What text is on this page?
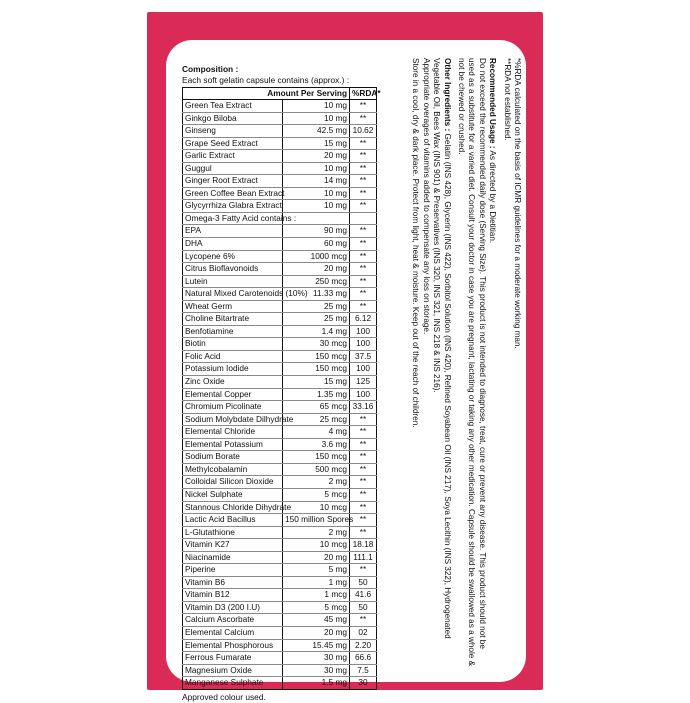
Composition :
Each soft gelatin capsule contains (approx.) :
Amount Per Serving		%RDA*
Green Tea Extract	10 mg	**
Ginkgo Biloba	10 mg	**
Ginseng	42.5 mg	10.62
Grape Seed Extract	15 mg	**
Garlic Extract	20 mg	**
Guggul	10 mg	**
Ginger Root Extract	14 mg	**
Green Coffee Bean Extract	10 mg	**
Glycyrrhiza Glabra Extract	10 mg	**
Omega-3 Fatty Acid contains :		
EPA	90 mg	**
DHA	60 mg	**
Lycopene 6%	1000 mcg	**
Citrus Bioflavonoids	20 mg	**
Lutein	250 mcg	**
Natural Mixed Carotenoids (10%)	11.33 mg	**
Wheat Germ	25 mg	**
Choline Bitartrate	25 mg	6.12
Benfotiamine	1.4 mg	100
Biotin	30 mcg	100
Folic Acid	150 mcg	37.5
Potassium Iodide	150 mcg	100
Zinc Oxide	15 mg	125
Elemental Copper	1.35 mg	100
Chromium Picolinate	65 mcg	33.16
Sodium Molybdate Dilhydrate	25 mcg	**
Elemental Chloride	4 mg	**
Elemental Potassium	3.6 mg	**
Sodium Borate	150 mcg	**
Methylcobalamin	500 mcg	**
Colloidal Silicon Dioxide	2 mg	**
Nickel Sulphate	5 mcg	**
Stannous Chloride Dihydrate	10 mcg	**
Lactic Acid Bacillus	150 million Spores	**
L-Glutathione	2 mg	**
Vitamin K27	10 mcg	18.18
Niacinamide	20 mg	111.1
Piperine	5 mg	**
Vitamin B6	1 mg	50
Vitamin B12	1 mcg	41.6
Vitamin D3 (200 I.U)	5 mcg	50
Calcium Ascorbate	45 mg	**
Elemental Calcium	20 mg	02
Elemental Phosphorous	15.45 mg	2.20
Ferrous Fumarate	30 mg	66.6
Magnesium Oxide	30 mg	7.5
Manganese Sulphate	1.5 mg	30
Approved colour used.

*%RDA calculated on the basis of ICMR guidelines for a moderate working man.

**RDA not established.

Recommended Usage : As directed by a Dietitian.

Do not exceed the recommended daily dose (Serving Size). This product is not intended to diagnose, treat, cure or prevent any disease. This product should not be used as a substitute for a varied diet. Consult your doctor in case you are pregnant, lactating or taking any other medication. Capsule should be swallowed as a whole & not be chewed or crushed.

Other Ingredients : Gelatin (INS 428), Glycerin (INS 422), Sorbitol Solution (INS 420), Refined Soyabean Oil (INS 217), Soya Lecithin (INS 322), Hydrogenated Vegetable Oil, Bees Wax (INS 901) & Preservatives (INS 320, INS 321, INS 218 & INS 216).

Appropriate overages of vitamins added to compensate any loss on storage.

Store in a cool, dry & dark place. Protect from light, heat & moisture. Keep out of the reach of children.
